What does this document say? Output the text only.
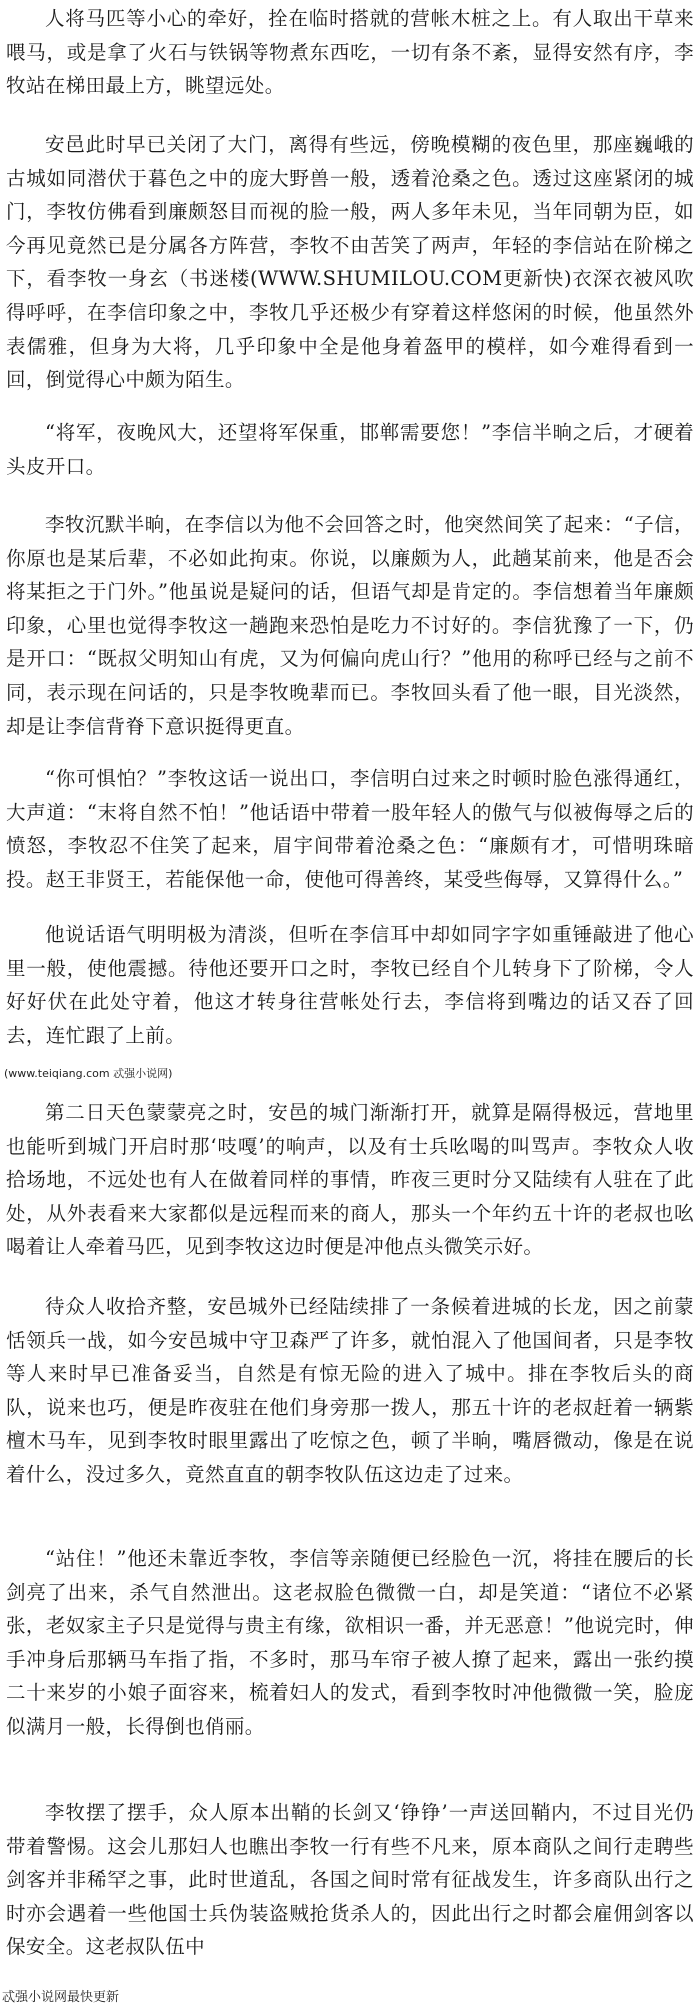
人将马匹等小心的牵好，拴在临时搭就的营帐木桩之上。有人取出干草来喂马，或是拿了火石与铁锅等物煮东西吃，一切有条不紊，显得安然有序，李牧站在梯田最上方，眺望远处。

安邑此时早已关闭了大门，离得有些远，傍晚模糊的夜色里，那座巍峨的古城如同潜伏于暮色之中的庞大野兽一般，透着沧桑之色。透过这座紧闭的城门，李牧仿佛看到廉颇怒目而视的脸一般，两人多年未见，当年同朝为臣，如今再见竟然已是分属各方阵营，李牧不由苦笑了两声，年轻的李信站在阶梯之下，看李牧一身玄（书迷楼(WWW.SHUMILOU.COM更新快)衣深衣被风吹得呼呼，在李信印象之中，李牧几乎还极少有穿着这样悠闲的时候，他虽然外表儒雅，但身为大将，几乎印象中全是他身着盔甲的模样，如今难得看到一回，倒觉得心中颇为陌生。

“将军，夜晚风大，还望将军保重，邯郸需要您！”李信半晌之后，才硬着头皮开口。

李牧沉默半晌，在李信以为他不会回答之时，他突然间笑了起来：“子信，你原也是某后辈，不必如此拘束。你说，以廉颇为人，此趟某前来，他是否会将某拒之于门外。”他虽说是疑问的话，但语气却是肯定的。李信想着当年廉颇印象，心里也觉得李牧这一趟跑来恐怕是吃力不讨好的。李信犹豫了一下，仍是开口：“既叔父明知山有虎，又为何偏向虎山行？”他用的称呼已经与之前不同，表示现在问话的，只是李牧晚辈而已。李牧回头看了他一眼，目光淡然，却是让李信背脊下意识挺得更直。

“你可惧怕？”李牧这话一说出口，李信明白过来之时顿时脸色涨得通红，大声道：“末将自然不怕！”他话语中带着一股年轻人的傲气与似被侮辱之后的愤怒，李牧忍不住笑了起来，眉宇间带着沧桑之色：“廉颇有才，可惜明珠暗投。赵王非贤王，若能保他一命，使他可得善终，某受些侮辱，又算得什么。”

他说话语气明明极为清淡，但听在李信耳中却如同字字如重锤敲进了他心里一般，使他震撼。待他还要开口之时，李牧已经自个儿转身下了阶梯，令人好好伏在此处守着，他这才转身往营帐处行去，李信将到嘴边的话又吞了回去，连忙跟了上前。

(www.teiqiang.com 忒强小说网)

第二日天色蒙蒙亮之时，安邑的城门渐渐打开，就算是隔得极远，营地里也能听到城门开启时那‘吱嘎’的响声，以及有士兵吆喝的叫骂声。李牧众人收拾场地，不远处也有人在做着同样的事情，昨夜三更时分又陆续有人驻在了此处，从外表看来大家都似是远程而来的商人，那头一个年约五十许的老叔也吆喝着让人牵着马匹，见到李牧这边时便是冲他点头微笑示好。

待众人收拾齐整，安邑城外已经陆续排了一条候着进城的长龙，因之前蒙恬领兵一战，如今安邑城中守卫森严了许多，就怕混入了他国间者，只是李牧等人来时早已准备妥当，自然是有惊无险的进入了城中。排在李牧后头的商队，说来也巧，便是昨夜驻在他们身旁那一拨人，那五十许的老叔赶着一辆紫檀木马车，见到李牧时眼里露出了吃惊之色，顿了半晌，嘴唇微动，像是在说着什么，没过多久，竟然直直的朝李牧队伍这边走了过来。

“站住！”他还未靠近李牧，李信等亲随便已经脸色一沉，将挂在腰后的长剑亮了出来，杀气自然泄出。这老叔脸色微微一白，却是笑道：“诸位不必紧张，老奴家主子只是觉得与贵主有缘，欲相识一番，并无恶意！”他说完时，伸手冲身后那辆马车指了指，不多时，那马车帘子被人撩了起来，露出一张约摸二十来岁的小娘子面容来，梳着妇人的发式，看到李牧时冲他微微一笑，脸庞似满月一般，长得倒也俏丽。

李牧摆了摆手，众人原本出鞘的长剑又‘铮铮’一声送回鞘内，不过目光仍带着警惕。这会儿那妇人也瞧出李牧一行有些不凡来，原本商队之间行走聘些剑客并非稀罕之事，此时世道乱，各国之间时常有征战发生，许多商队出行之时亦会遇着一些他国士兵伪装盗贼抢货杀人的，因此出行之时都会雇佣剑客以保安全。这老叔队伍中

忒强小说网最快更新
